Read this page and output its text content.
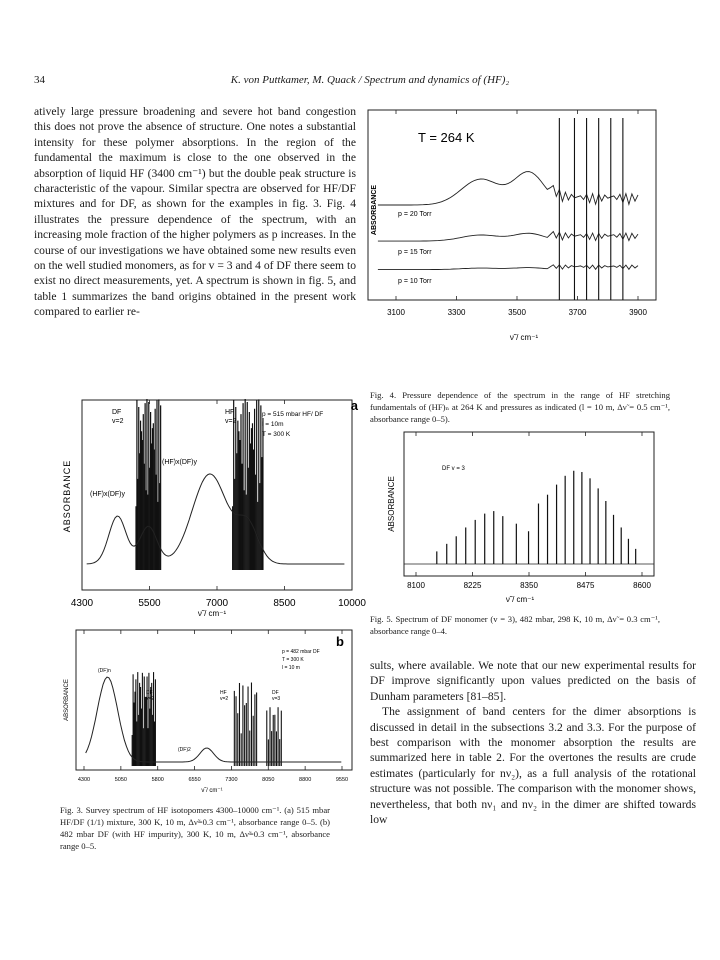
34	K. von Puttkamer, M. Quack / Spectrum and dynamics of (HF)₂

atively large pressure broadening and severe hot band congestion this does not prove the absence of structure. One notes a substantial intensity for these polymer absorptions. In the region of the fundamental the maximum is close to the one observed in the absorption of liquid HF (3400 cm⁻¹) but the double peak structure is characteristic of the vapour. Similar spectra are observed for HF/DF mixtures and for DF, as shown for the examples in fig. 3. Fig. 4 illustrates the pressure dependence of the spectrum, with an increasing mole fraction of the higher polymers as p increases. In the course of our investigations we have obtained some new results even on the well studied monomers, as for v = 3 and 4 of DF there seem to exist no direct measurements, yet. A spectrum is shown in fig. 5, and table 1 summarizes the band origins obtained in the present work compared to earlier re-

4300	5500	7000	8500	10000
a
DF
v=2
HF
v=2
p = 515 mbar HF/ DF
l = 10m
T = 300 K
(HF)x(DF)y
(HF)x(DF)y
ABSORBANCE
ν̃ / cm⁻¹
4300	5050	5800	6550	7300	8050	8800	9550
b
p = 482 mbar DF
T = 300 K
l = 10 m
(DF)n
DF
v=2
HF
v=2
DF
v=3
(DF)2
ABSORBANCE
ν̃ / cm⁻¹
Fig. 3. Survey spectrum of HF isotopomers 4300–10000 cm⁻¹. (a) 515 mbar HF/DF (1/1) mixture, 300 K, 10 m, Δν̃=0.3 cm⁻¹, absorbance range 0–5. (b) 482 mbar DF (with HF impurity), 300 K, 10 m, Δν̃=0.3 cm⁻¹, absorbance range 0–5.
3100	3300	3500	3700	3900
T = 264 K
p = 20 Torr
p = 15 Torr
p = 10 Torr
ABSORBANCE
ν̃ / cm⁻¹
Fig. 4. Pressure dependence of the spectrum in the range of HF stretching fundamentals of (HF)ₙ at 264 K and pressures as indicated (l = 10 m, Δν̃ = 0.5 cm⁻¹, absorbance range 0–5).
8100	8225	8350	8475	8600
DF v = 3
ABSORBANCE
ν̃ / cm⁻¹
Fig. 5. Spectrum of DF monomer (v = 3), 482 mbar, 298 K, 10 m, Δν̃ = 0.3 cm⁻¹, absorbance range 0–4.

sults, where available. We note that our new experimental results for DF improve significantly upon values predicted on the basis of Dunham parameters [81–85].

The assignment of band centers for the dimer absorptions is discussed in detail in the subsections 3.2 and 3.3. For the purpose of best comparison with the monomer absorption the results are summarized here in table 2. For the overtones the results are crude estimates (particularly for nν₂), as a full analysis of the rotational structure was not possible. The comparison with the monomer shows, nevertheless, that both nν₁ and nν₂ in the dimer are shifted towards low
